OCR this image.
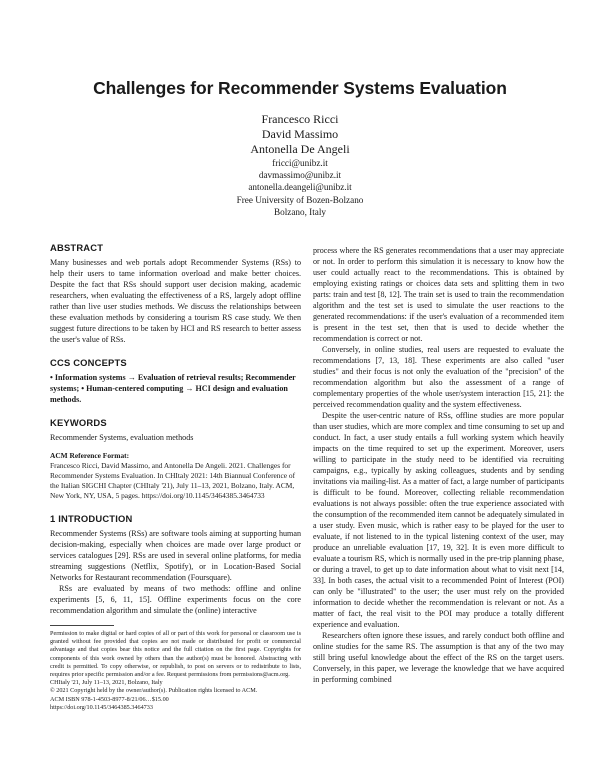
Challenges for Recommender Systems Evaluation
Francesco Ricci
David Massimo
Antonella De Angeli
fricci@unibz.it
davmassimo@unibz.it
antonella.deangeli@unibz.it
Free University of Bozen-Bolzano
Bolzano, Italy
ABSTRACT

Many businesses and web portals adopt Recommender Systems (RSs) to help their users to tame information overload and make better choices. Despite the fact that RSs should support user decision making, academic researchers, when evaluating the effectiveness of a RS, largely adopt offline rather than live user studies methods. We discuss the relationships between these evaluation methods by considering a tourism RS case study. We then suggest future directions to be taken by HCI and RS research to better assess the user's value of RSs.

CCS CONCEPTS

• Information systems → Evaluation of retrieval results; Recommender systems; • Human-centered computing → HCI design and evaluation methods.

KEYWORDS

Recommender Systems, evaluation methods

ACM Reference Format:

Francesco Ricci, David Massimo, and Antonella De Angeli. 2021. Challenges for Recommender Systems Evaluation. In CHItaly 2021: 14th Biannual Conference of the Italian SIGCHI Chapter (CHItaly '21), July 11–13, 2021, Bolzano, Italy. ACM, New York, NY, USA, 5 pages. https://doi.org/10.1145/3464385.3464733

1 INTRODUCTION

Recommender Systems (RSs) are software tools aiming at supporting human decision-making, especially when choices are made over large product or services catalogues [29]. RSs are used in several online platforms, for media streaming suggestions (Netflix, Spotify), or in Location-Based Social Networks for Restaurant recommendation (Foursquare).

RSs are evaluated by means of two methods: offline and online experiments [5, 6, 11, 15]. Offline experiments focus on the core recommendation algorithm and simulate the (online) interactive

Permission to make digital or hard copies of all or part of this work for personal or classroom use is granted without fee provided that copies are not made or distributed for profit or commercial advantage and that copies bear this notice and the full citation on the first page. Copyrights for components of this work owned by others than the author(s) must be honored. Abstracting with credit is permitted. To copy otherwise, or republish, to post on servers or to redistribute to lists, requires prior specific permission and/or a fee. Request permissions from permissions@acm.org.

CHItaly '21, July 11–13, 2021, Bolzano, Italy
© 2021 Copyright held by the owner/author(s). Publication rights licensed to ACM.
ACM ISBN 978-1-4503-8977-8/21/06…$15.00
https://doi.org/10.1145/3464385.3464733

process where the RS generates recommendations that a user may appreciate or not. In order to perform this simulation it is necessary to know how the user could actually react to the recommendations. This is obtained by employing existing ratings or choices data sets and splitting them in two parts: train and test [8, 12]. The train set is used to train the recommendation algorithm and the test set is used to simulate the user reactions to the generated recommendations: if the user's evaluation of a recommended item is present in the test set, then that is used to decide whether the recommendation is correct or not.

Conversely, in online studies, real users are requested to evaluate the recommendations [7, 13, 18]. These experiments are also called "user studies" and their focus is not only the evaluation of the "precision" of the recommendation algorithm but also the assessment of a range of complementary properties of the whole user/system interaction [15, 21]: the perceived recommendation quality and the system effectiveness.

Despite the user-centric nature of RSs, offline studies are more popular than user studies, which are more complex and time consuming to set up and conduct. In fact, a user study entails a full working system which heavily impacts on the time required to set up the experiment. Moreover, users willing to participate in the study need to be identified via recruiting campaigns, e.g., typically by asking colleagues, students and by sending invitations via mailing-list. As a matter of fact, a large number of participants is difficult to be found. Moreover, collecting reliable recommendation evaluations is not always possible: often the true experience associated with the consumption of the recommended item cannot be adequately simulated in a user study. Even music, which is rather easy to be played for the user to evaluate, if not listened to in the typical listening context of the user, may produce an unreliable evaluation [17, 19, 32]. It is even more difficult to evaluate a tourism RS, which is normally used in the pre-trip planning phase, or during a travel, to get up to date information about what to visit next [14, 33]. In both cases, the actual visit to a recommended Point of Interest (POI) can only be "illustrated" to the user; the user must rely on the provided information to decide whether the recommendation is relevant or not. As a matter of fact, the real visit to the POI may produce a totally different experience and evaluation.

Researchers often ignore these issues, and rarely conduct both offline and online studies for the same RS. The assumption is that any of the two may still bring useful knowledge about the effect of the RS on the target users. Conversely, in this paper, we leverage the knowledge that we have acquired in performing combined
